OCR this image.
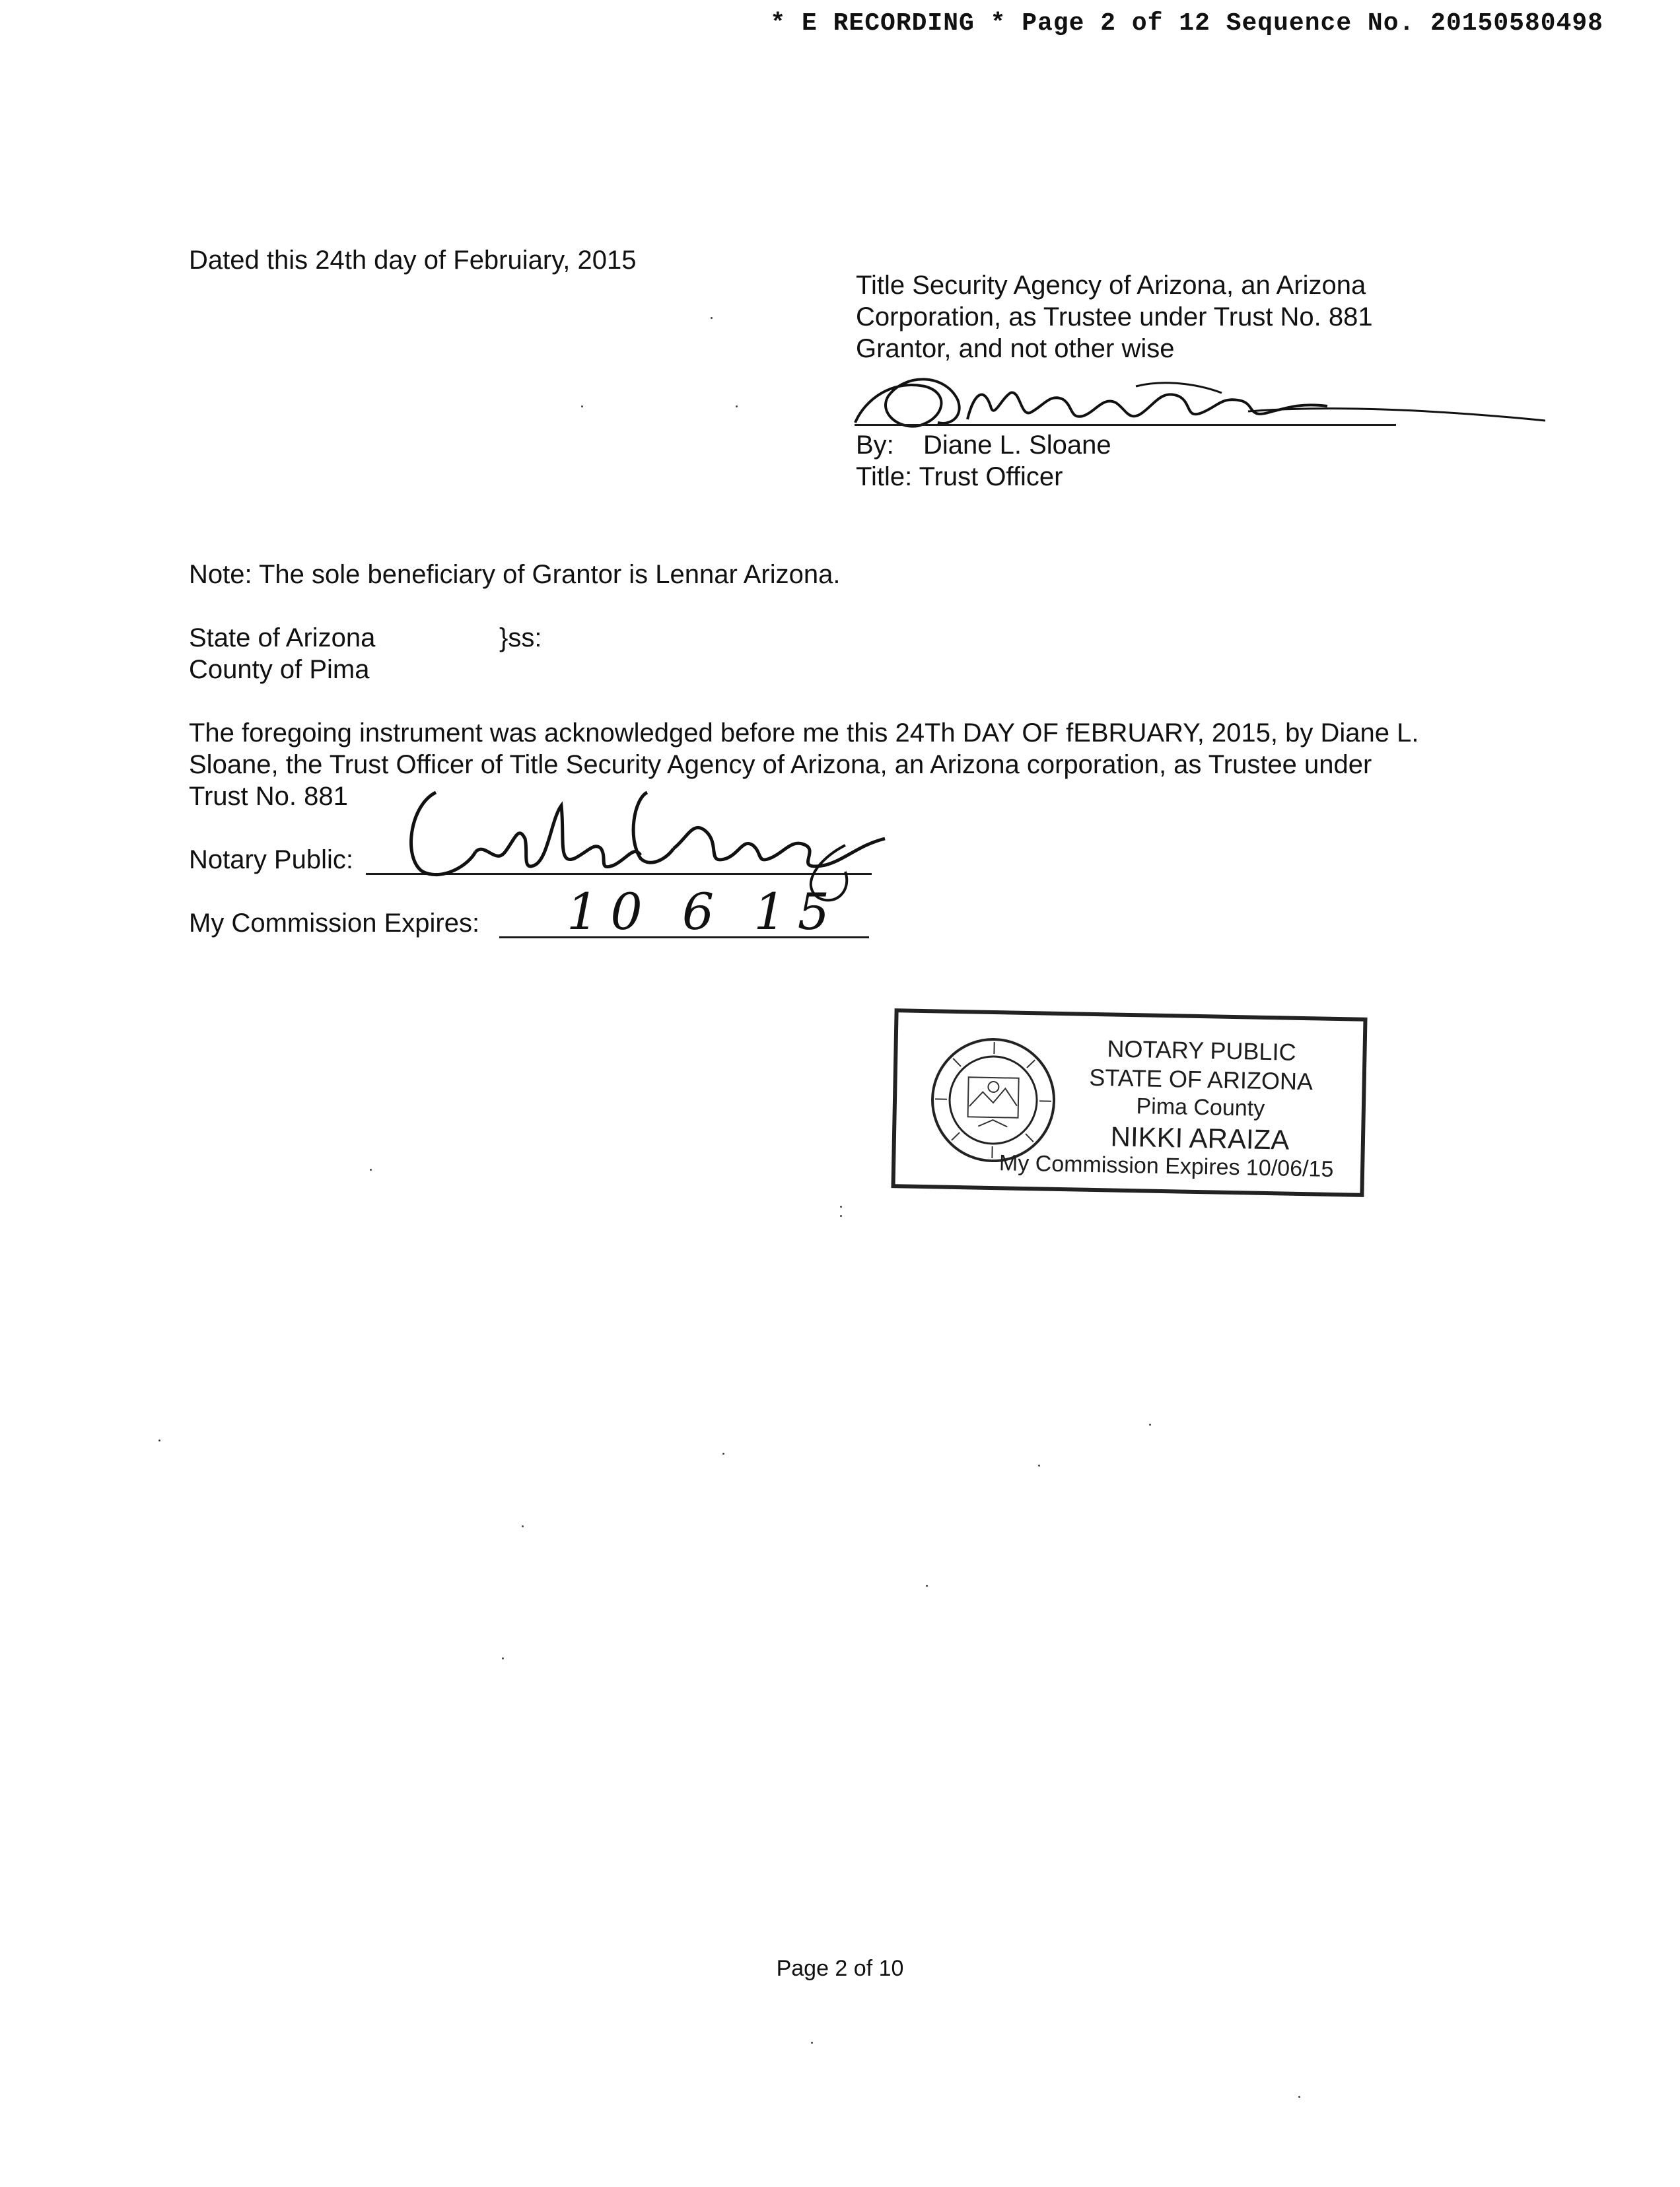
* E RECORDING * Page 2 of 12 Sequence No. 20150580498
Dated this 24th day of Februiary, 2015
Title Security Agency of Arizona, an Arizona
Corporation, as Trustee under Trust No. 881
Grantor, and not other wise
By: Diane L. Sloane
Title: Trust Officer
Note: The sole beneficiary of Grantor is Lennar Arizona.
State of Arizona	}ss:
County of Pima
The foregoing instrument was acknowledged before me this 24Th DAY OF fEBRUARY, 2015, by Diane L.
Sloane, the Trust Officer of Title Security Agency of Arizona, an Arizona corporation, as Trustee under
Trust No. 881
Notary Public:
My Commission Expires: 10 6 15
NOTARY PUBLIC
STATE OF ARIZONA
Pima County
NIKKI ARAIZA
My Commission Expires 10/06/15
Page 2 of 10
